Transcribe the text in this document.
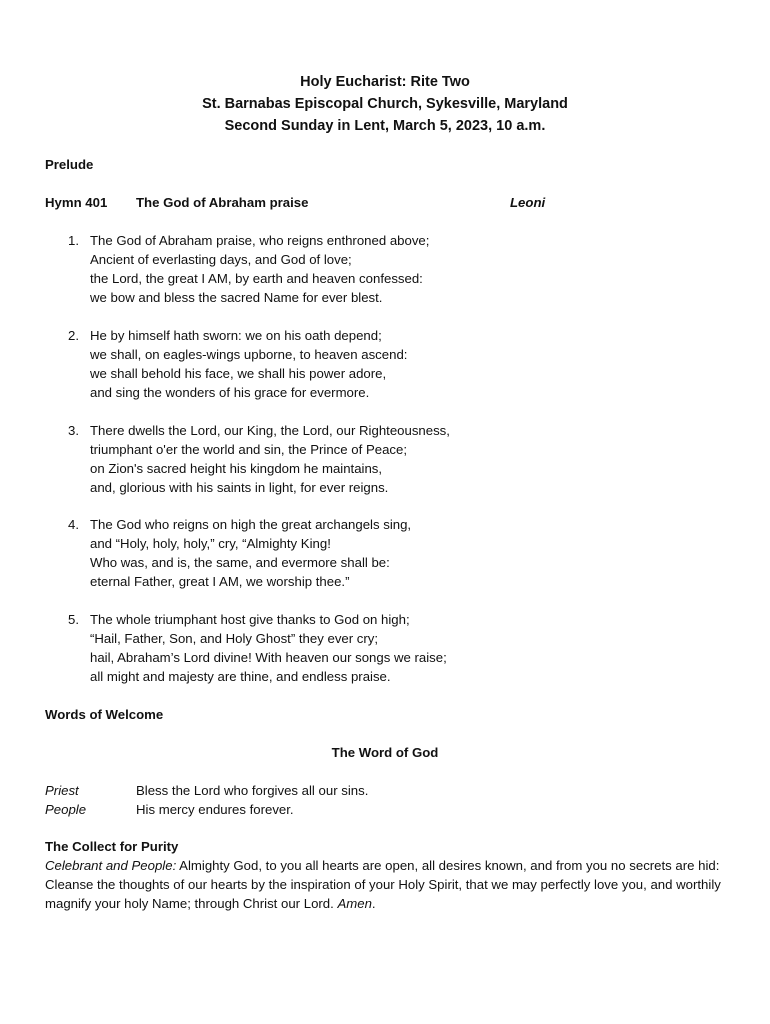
Holy Eucharist: Rite Two
St. Barnabas Episcopal Church, Sykesville, Maryland
Second Sunday in Lent, March 5, 2023, 10 a.m.
Prelude
Hymn 401 The God of Abraham praise	Leoni
1. The God of Abraham praise, who reigns enthroned above;
Ancient of everlasting days, and God of love;
the Lord, the great I AM, by earth and heaven confessed:
we bow and bless the sacred Name for ever blest.
2. He by himself hath sworn: we on his oath depend;
we shall, on eagles-wings upborne, to heaven ascend:
we shall behold his face, we shall his power adore,
and sing the wonders of his grace for evermore.
3. There dwells the Lord, our King, the Lord, our Righteousness,
triumphant o'er the world and sin, the Prince of Peace;
on Zion's sacred height his kingdom he maintains,
and, glorious with his saints in light, for ever reigns.
4. The God who reigns on high the great archangels sing,
and “Holy, holy, holy,” cry, “Almighty King!
Who was, and is, the same, and evermore shall be:
eternal Father, great I AM, we worship thee.”
5. The whole triumphant host give thanks to God on high;
“Hail, Father, Son, and Holy Ghost” they ever cry;
hail, Abraham’s Lord divine! With heaven our songs we raise;
all might and majesty are thine, and endless praise.
Words of Welcome
The Word of God
Priest	Bless the Lord who forgives all our sins.
People	His mercy endures forever.
The Collect for Purity
Celebrant and People: Almighty God, to you all hearts are open, all desires known, and from you no secrets are hid: Cleanse the thoughts of our hearts by the inspiration of your Holy Spirit, that we may perfectly love you, and worthily magnify your holy Name; through Christ our Lord. Amen.
